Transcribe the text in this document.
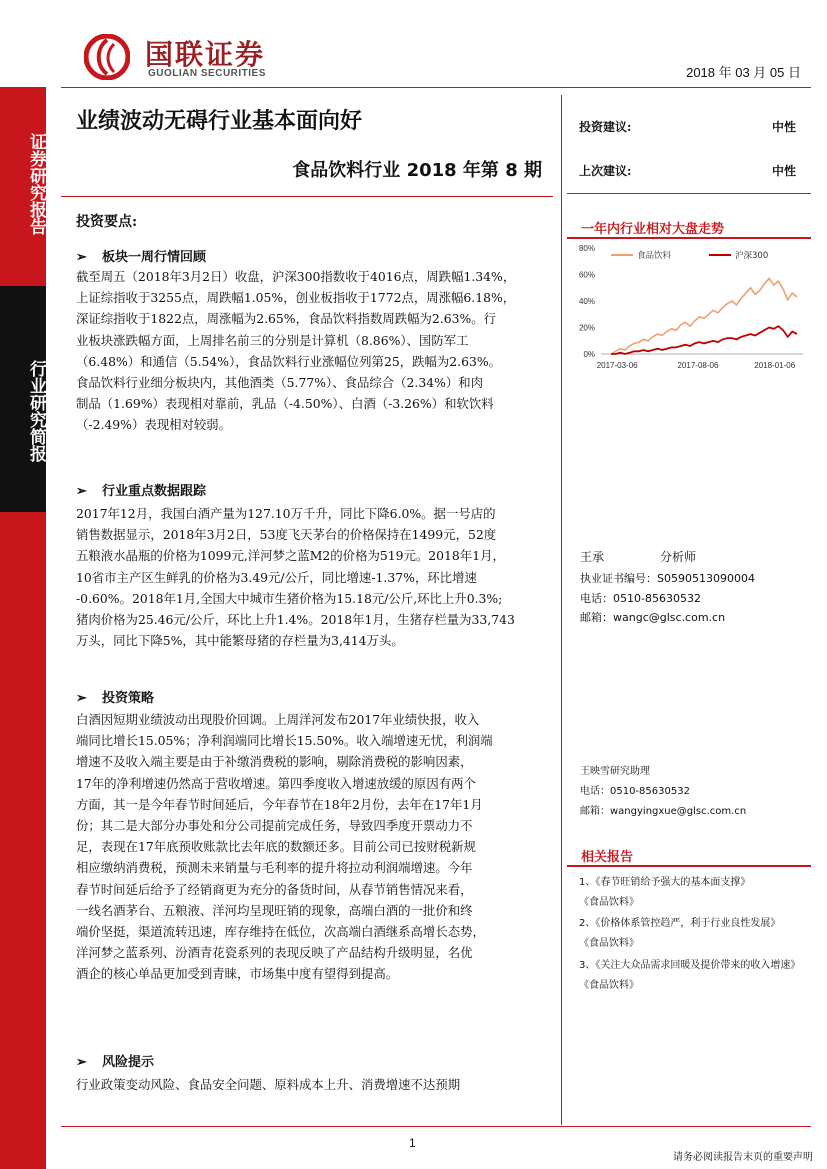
证券研究报告
行业研究简报
国联证券
GUOLIAN SECURITIES	2018 年 03 月 05 日
业绩波动无碍行业基本面向好
食品饮料行业 2018 年第 8 期
投资建议:	中性
上次建议:	中性
投资要点:
➢ 板块一周行情回顾
截至周五（2018年3月2日）收盘，沪深300指数收于4016点，周跌幅1.34%，
上证综指收于3255点，周跌幅1.05%，创业板指收于1772点，周涨幅6.18%，
深证综指收于1822点，周涨幅为2.65%，食品饮料指数周跌幅为2.63%。行
业板块涨跌幅方面，上周排名前三的分别是计算机（8.86%）、国防军工
（6.48%）和通信（5.54%），食品饮料行业涨幅位列第25，跌幅为2.63%。
食品饮料行业细分板块内，其他酒类（5.77%）、食品综合（2.34%）和肉
制品（1.69%）表现相对靠前，乳品（-4.50%）、白酒（-3.26%）和软饮料
（-2.49%）表现相对较弱。
➢ 行业重点数据跟踪
2017年12月，我国白酒产量为127.10万千升，同比下降6.0%。据一号店的
销售数据显示，2018年3月2日，53度飞天茅台的价格保持在1499元，52度
五粮液水晶瓶的价格为1099元,洋河梦之蓝M2的价格为519元。2018年1月，
10省市主产区生鲜乳的价格为3.49元/公斤，同比增速-1.37%，环比增速
-0.60%。2018年1月,全国大中城市生猪价格为15.18元/公斤,环比上升0.3%;
猪肉价格为25.46元/公斤，环比上升1.4%。2018年1月，生猪存栏量为33,743
万头，同比下降5%，其中能繁母猪的存栏量为3,414万头。
➢ 投资策略
白酒因短期业绩波动出现股价回调。上周洋河发布2017年业绩快报，收入
端同比增长15.05%；净利润端同比增长15.50%。收入端增速无忧，利润端
增速不及收入端主要是由于补缴消费税的影响，剔除消费税的影响因素，
17年的净利增速仍然高于营收增速。第四季度收入增速放缓的原因有两个
方面，其一是今年春节时间延后，今年春节在18年2月份，去年在17年1月
份；其二是大部分办事处和分公司提前完成任务，导致四季度开票动力不
足，表现在17年底预收账款比去年底的数额还多。目前公司已按财税新规
相应缴纳消费税，预测未来销量与毛利率的提升将拉动利润端增速。今年
春节时间延后给予了经销商更为充分的备货时间，从春节销售情况来看，
一线名酒茅台、五粮液、洋河均呈现旺销的现象，高端白酒的一批价和终
端价坚挺，渠道流转迅速，库存维持在低位，次高端白酒继系高增长态势，
洋河梦之蓝系列、汾酒青花瓷系列的表现反映了产品结构升级明显，名优
酒企的核心单品更加受到青睐，市场集中度有望得到提高。
➢ 风险提示
行业政策变动风险、食品安全问题、原料成本上升、消费增速不达预期
一年内行业相对大盘走势
0%
20%
40%
60%
80%
2017-03-06	2017-08-06	2018-01-06
食品饮料	沪深300
王承	分析师
执业证书编号：S0590513090004
电话：0510-85630532
邮箱：wangc@glsc.com.cn
王映雪研究助理
电话：0510-85630532
邮箱：wangyingxue@glsc.com.cn
相关报告
1、《春节旺销给予强大的基本面支撑》
《食品饮料》
2、《价格体系管控趋严，利于行业良性发展》
《食品饮料》
3、《关注大众品需求回暖及提价带来的收入增速》
《食品饮料》
1
请务必阅读报告末页的重要声明
